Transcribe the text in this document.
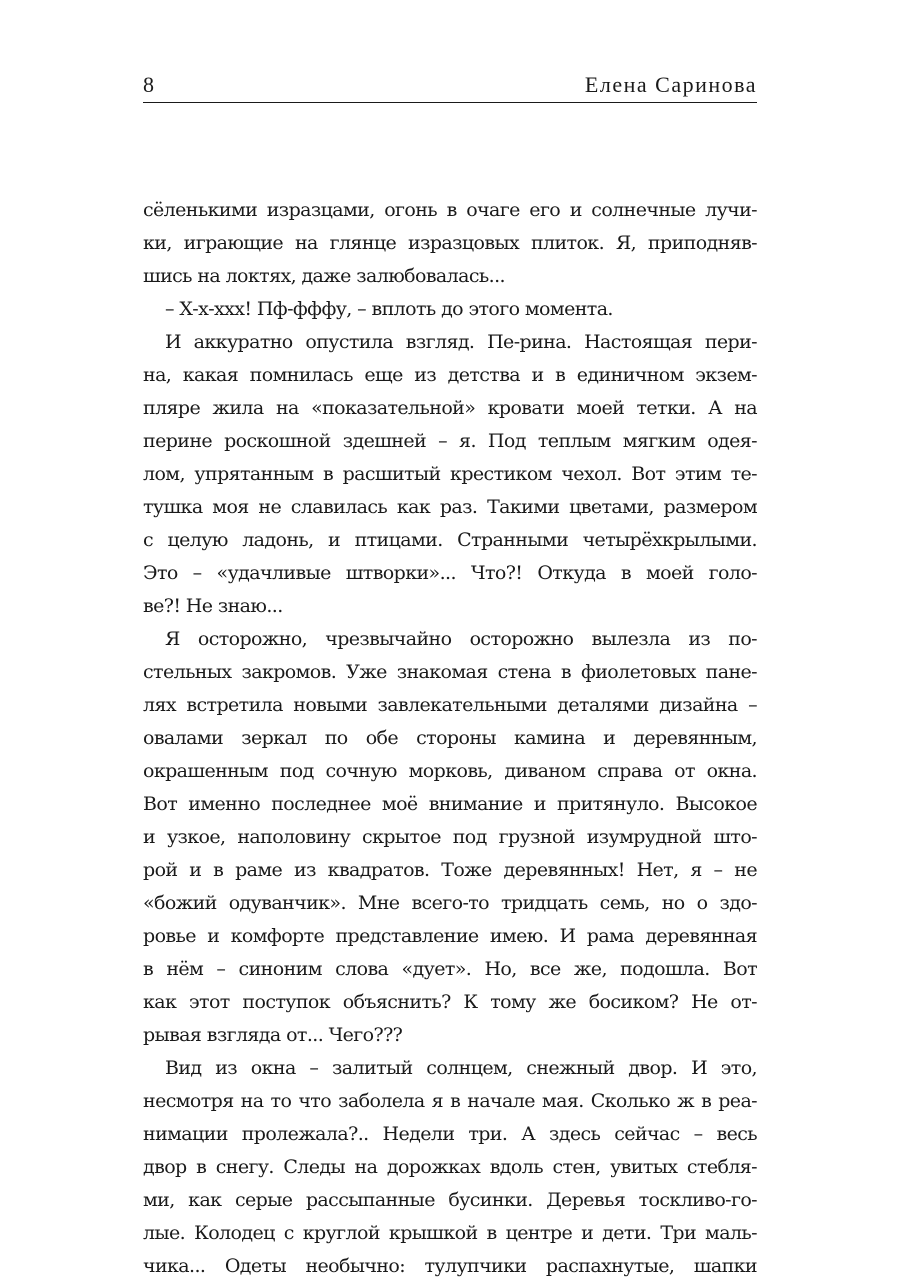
8	Елена Саринова
сёленькими изразцами, огонь в очаге его и солнечные лучи-
ки, играющие на глянце изразцовых плиток. Я, приподняв-
шись на локтях, даже залюбовалась...
– Х-х-ххх! Пф-фффу, – вплоть до этого момента.
И аккуратно опустила взгляд. Пе-рина. Настоящая пери-
на, какая помнилась еще из детства и в единичном экзем-
пляре жила на «показательной» кровати моей тетки. А на
перине роскошной здешней – я. Под теплым мягким одея-
лом, упрятанным в расшитый крестиком чехол. Вот этим те-
тушка моя не славилась как раз. Такими цветами, размером
с целую ладонь, и птицами. Странными четырёхкрылыми.
Это – «удачливые штворки»... Что?! Откуда в моей голо-
ве?! Не знаю...
Я осторожно, чрезвычайно осторожно вылезла из по-
стельных закромов. Уже знакомая стена в фиолетовых пане-
лях встретила новыми завлекательными деталями дизайна –
овалами зеркал по обе стороны камина и деревянным,
окрашенным под сочную морковь, диваном справа от окна.
Вот именно последнее моё внимание и притянуло. Высокое
и узкое, наполовину скрытое под грузной изумрудной што-
рой и в раме из квадратов. Тоже деревянных! Нет, я – не
«божий одуванчик». Мне всего-то тридцать семь, но о здо-
ровье и комфорте представление имею. И рама деревянная
в нём – синоним слова «дует». Но, все же, подошла. Вот
как этот поступок объяснить? К тому же босиком? Не от-
рывая взгляда от... Чего???
Вид из окна – залитый солнцем, снежный двор. И это,
несмотря на то что заболела я в начале мая. Сколько ж в реа-
нимации пролежала?.. Недели три. А здесь сейчас – весь
двор в снегу. Следы на дорожках вдоль стен, увитых стебля-
ми, как серые рассыпанные бусинки. Деревья тоскливо-го-
лые. Колодец с круглой крышкой в центре и дети. Три маль-
чика... Одеты необычно: тулупчики распахнутые, шапки
